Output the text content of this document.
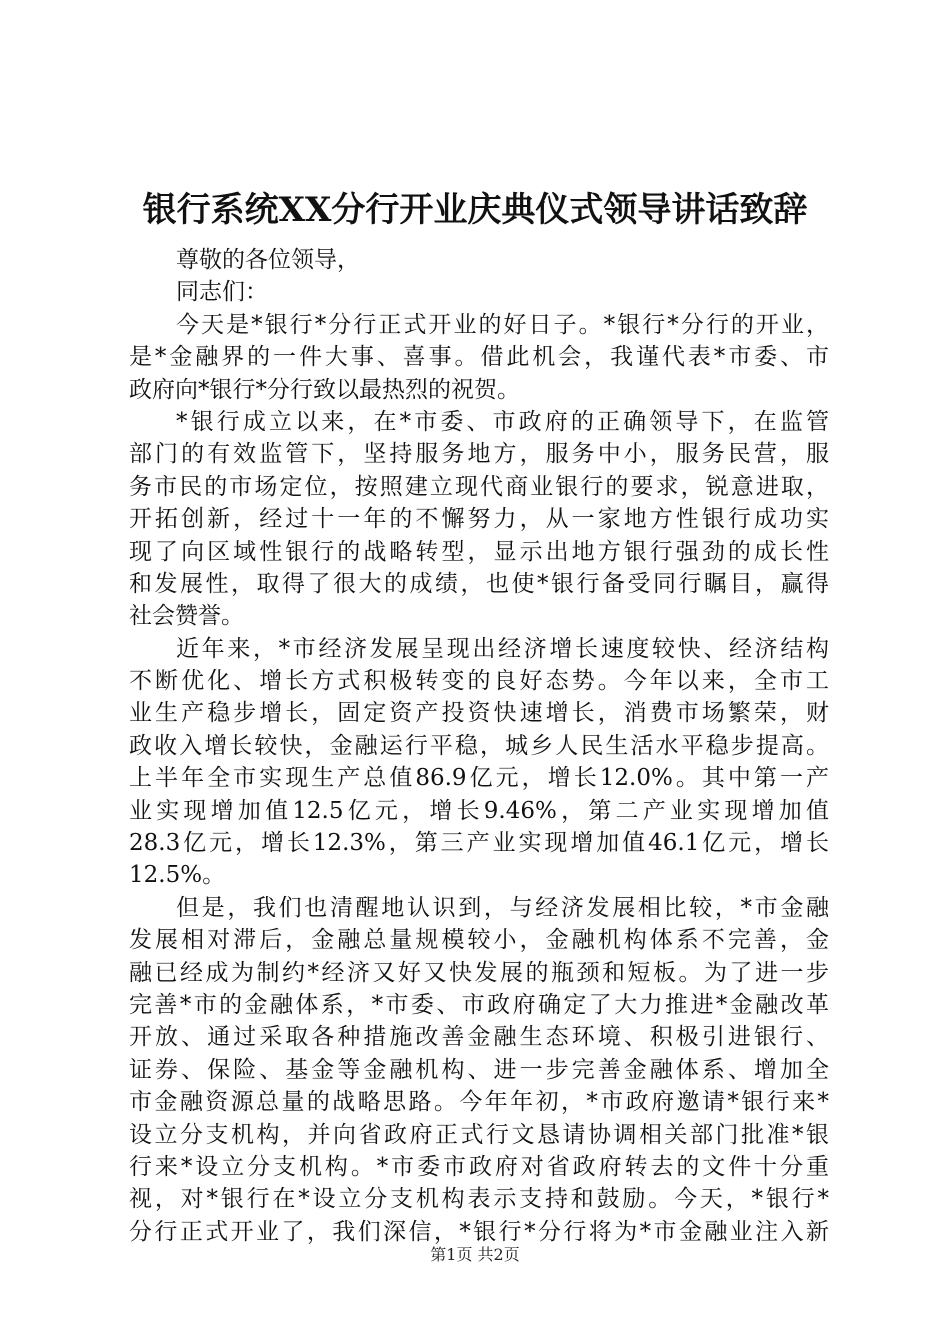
银行系统XX分行开业庆典仪式领导讲话致辞
尊敬的各位领导，
同志们：
今天是*银行*分行正式开业的好日子。*银行*分行的开业，
是*金融界的一件大事、喜事。借此机会，我谨代表*市委、市
政府向*银行*分行致以最热烈的祝贺。
*银行成立以来，在*市委、市政府的正确领导下，在监管
部门的有效监管下，坚持服务地方，服务中小，服务民营，服
务市民的市场定位，按照建立现代商业银行的要求，锐意进取，
开拓创新，经过十一年的不懈努力，从一家地方性银行成功实
现了向区域性银行的战略转型，显示出地方银行强劲的成长性
和发展性，取得了很大的成绩，也使*银行备受同行瞩目，赢得
社会赞誉。
近年来，*市经济发展呈现出经济增长速度较快、经济结构
不断优化、增长方式积极转变的良好态势。今年以来，全市工
业生产稳步增长，固定资产投资快速增长，消费市场繁荣，财
政收入增长较快，金融运行平稳，城乡人民生活水平稳步提高。
上半年全市实现生产总值86.9亿元，增长12.0%。其中第一产
业实现增加值12.5亿元，增长9.46%，第二产业实现增加值
28.3亿元，增长12.3%，第三产业实现增加值46.1亿元，增长
12.5%。
但是，我们也清醒地认识到，与经济发展相比较，*市金融
发展相对滞后，金融总量规模较小，金融机构体系不完善，金
融已经成为制约*经济又好又快发展的瓶颈和短板。为了进一步
完善*市的金融体系，*市委、市政府确定了大力推进*金融改革
开放、通过采取各种措施改善金融生态环境、积极引进银行、
证券、保险、基金等金融机构、进一步完善金融体系、增加全
市金融资源总量的战略思路。今年年初，*市政府邀请*银行来*
设立分支机构，并向省政府正式行文恳请协调相关部门批准*银
行来*设立分支机构。*市委市政府对省政府转去的文件十分重
视，对*银行在*设立分支机构表示支持和鼓励。今天，*银行*
分行正式开业了，我们深信，*银行*分行将为*市金融业注入新
第1页 共2页
